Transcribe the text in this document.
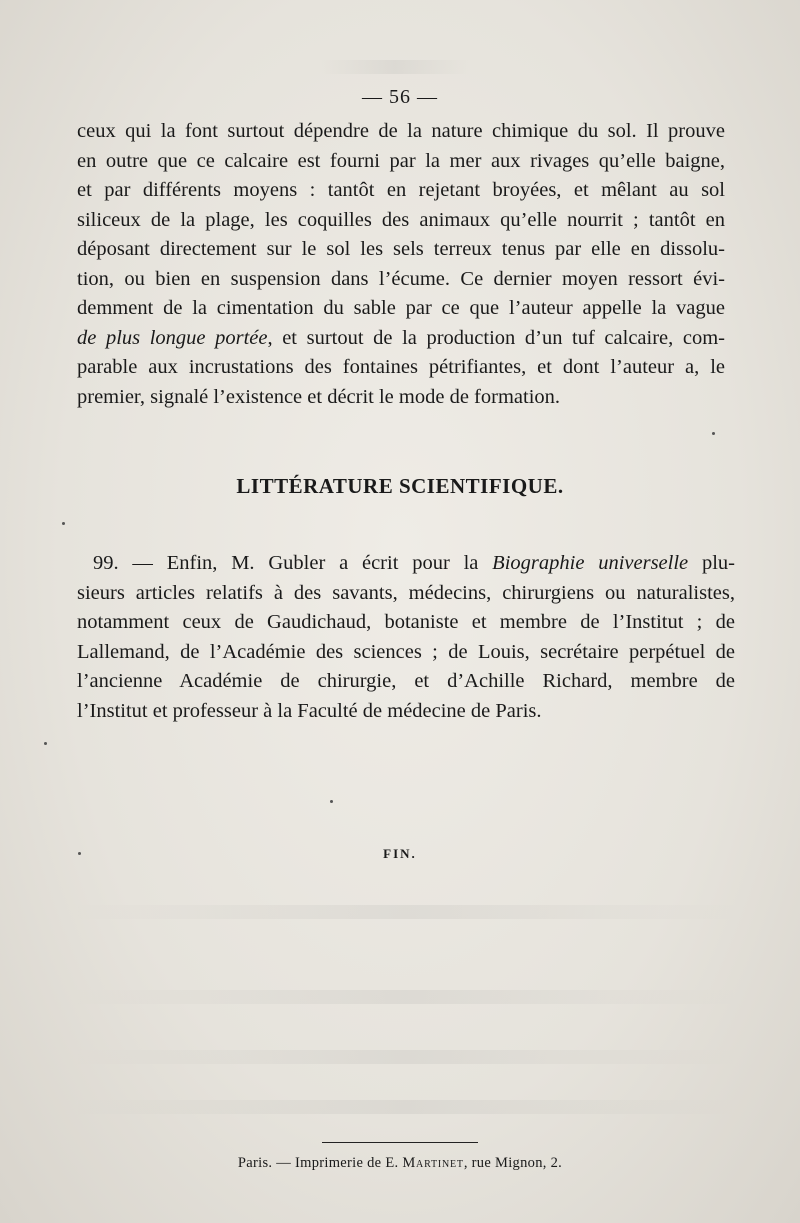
— 56 —
ceux qui la font surtout dépendre de la nature chimique du sol. Il prouve
en outre que ce calcaire est fourni par la mer aux rivages qu’elle baigne,
et par différents moyens : tantôt en rejetant broyées, et mêlant au sol
siliceux de la plage, les coquilles des animaux qu’elle nourrit ; tantôt en
déposant directement sur le sol les sels terreux tenus par elle en dissolu-
tion, ou bien en suspension dans l’écume. Ce dernier moyen ressort évi-
demment de la cimentation du sable par ce que l’auteur appelle la vague
de plus longue portée, et surtout de la production d’un tuf calcaire, com-
parable aux incrustations des fontaines pétrifiantes, et dont l’auteur a, le
premier, signalé l’existence et décrit le mode de formation.
LITTÉRATURE SCIENTIFIQUE.
99. — Enfin, M. Gubler a écrit pour la Biographie universelle plu-
sieurs articles relatifs à des savants, médecins, chirurgiens ou naturalistes,
notamment ceux de Gaudichaud, botaniste et membre de l’Institut ; de
Lallemand, de l’Académie des sciences ; de Louis, secrétaire perpétuel de
l’ancienne Académie de chirurgie, et d’Achille Richard, membre de
l’Institut et professeur à la Faculté de médecine de Paris.
FIN.
Paris. — Imprimerie de E. Martinet, rue Mignon, 2.
